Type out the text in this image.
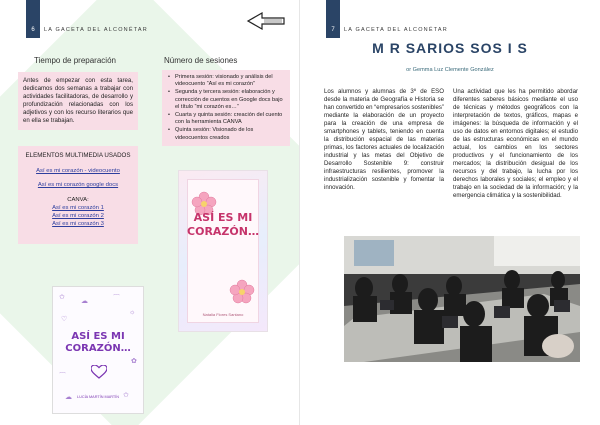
6	LA GACETA DEL ALCONÉTAR
Tiempo de preparación
Antes de empezar con esta tarea, dedicamos dos semanas a trabajar con actividades facilitadoras, de desarrollo y profundización relacionadas con los adjetivos y con los recurso literarios que en ella se trabajan.
Número de sesiones
• Primera sesión: visionado y análisis del videocuento “Así es mi corazón”
• Segunda y tercera sesión: elaboración y corrección de cuentos en Google docs bajo el título “mi corazón es…”
• Cuarta y quinta sesión: creación del cuento con la herramienta CANVA
• Quinta sesión: Visionado de los videocuentos creados
ELEMENTOS MULTIMEDIA USADOS
Así es mi corazón - videocuento
Así es mi corazón google docs
CANVA:
Así es mi corazón 1
Así es mi corazón 2
Así es mi corazón 3	ASÍ ES MI CORAZÓN…
Natalia Flores Santano
✩
☁	⌒
☼
♡
✿
⌒
✩
☁
ASÍ ES MI CORAZÓN…
LUCÍA MARTÍN MARTÍN
7	LA GACETA DEL ALCONÉTAR
M R SARIOS SOS I S
or Gemma Luz Clemente González
Los alumnos y alumnas de 3º de ESO desde la materia de Geografía e Historia se han convertido en “empresarios sostenibles” mediante la elaboración de un proyecto para la creación de una empresa de smartphones y tablets, teniendo en cuenta la distribución espacial de las materias primas, los factores actuales de localización industrial y las metas del Objetivo de Desarrollo Sostenible 9: construir infraestructuras resilientes, promover la industrialización sostenible y fomentar la innovación.
Una actividad que les ha permitido abordar diferentes saberes básicos mediante el uso de técnicas y métodos geográficos con la interpretación de textos, gráficos, mapas e imágenes: la búsqueda de información y el uso de datos en entornos digitales; el estudio de las estructuras económicas en el mundo actual, los cambios en los sectores productivos y el funcionamiento de los mercados; la distribución desigual de los recursos y del trabajo, la lucha por los derechos laborales y sociales; el empleo y el trabajo en la sociedad de la información; y la emergencia climática y la sostenibilidad.
